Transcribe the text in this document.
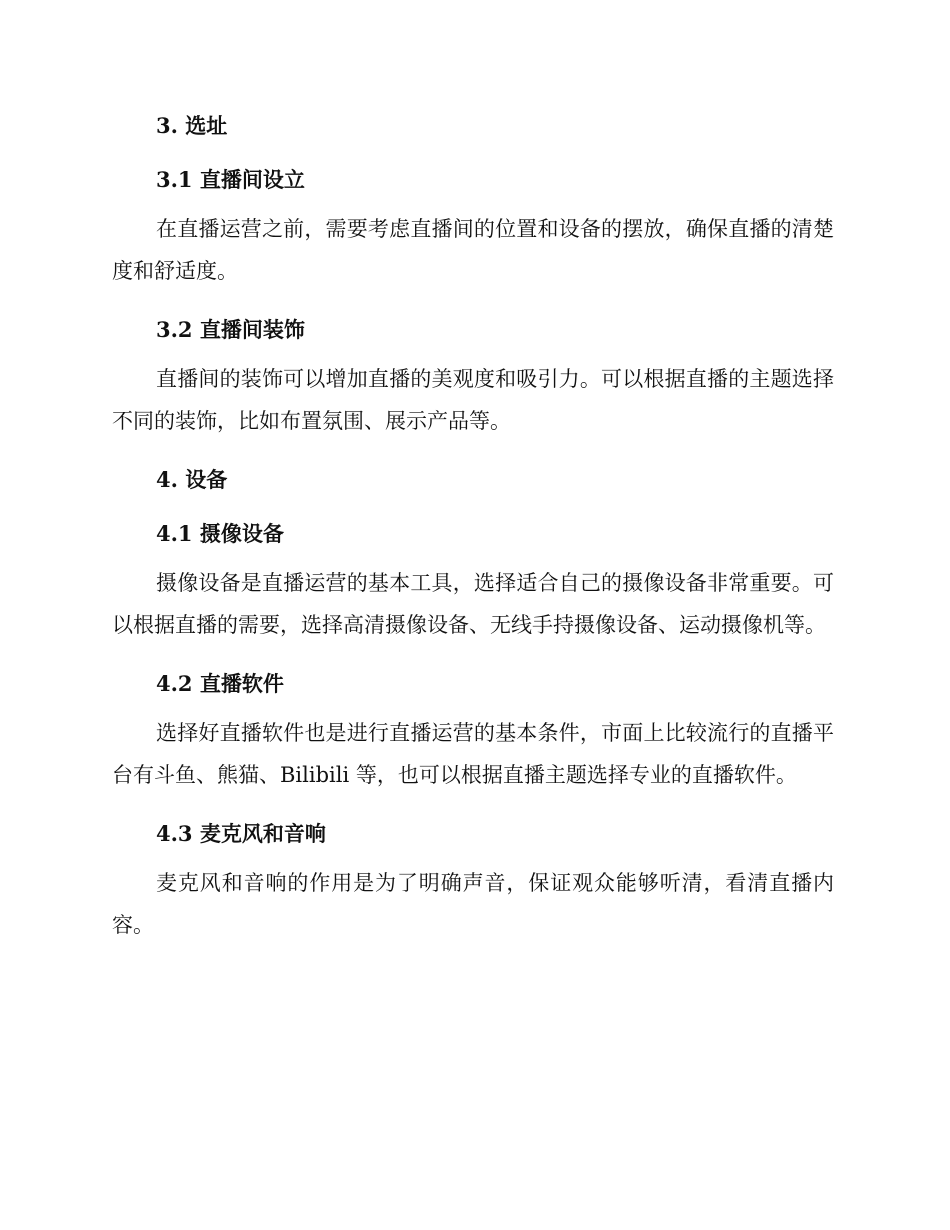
3. 选址
3.1 直播间设立

在直播运营之前，需要考虑直播间的位置和设备的摆放，确保直播的清楚度和舒适度。

3.2 直播间装饰

直播间的装饰可以增加直播的美观度和吸引力。可以根据直播的主题选择不同的装饰，比如布置氛围、展示产品等。

4. 设备
4.1 摄像设备

摄像设备是直播运营的基本工具，选择适合自己的摄像设备非常重要。可以根据直播的需要，选择高清摄像设备、无线手持摄像设备、运动摄像机等。

4.2 直播软件

选择好直播软件也是进行直播运营的基本条件，市面上比较流行的直播平台有斗鱼、熊猫、Bilibili 等，也可以根据直播主题选择专业的直播软件。

4.3 麦克风和音响

麦克风和音响的作用是为了明确声音，保证观众能够听清，看清直播内容。
